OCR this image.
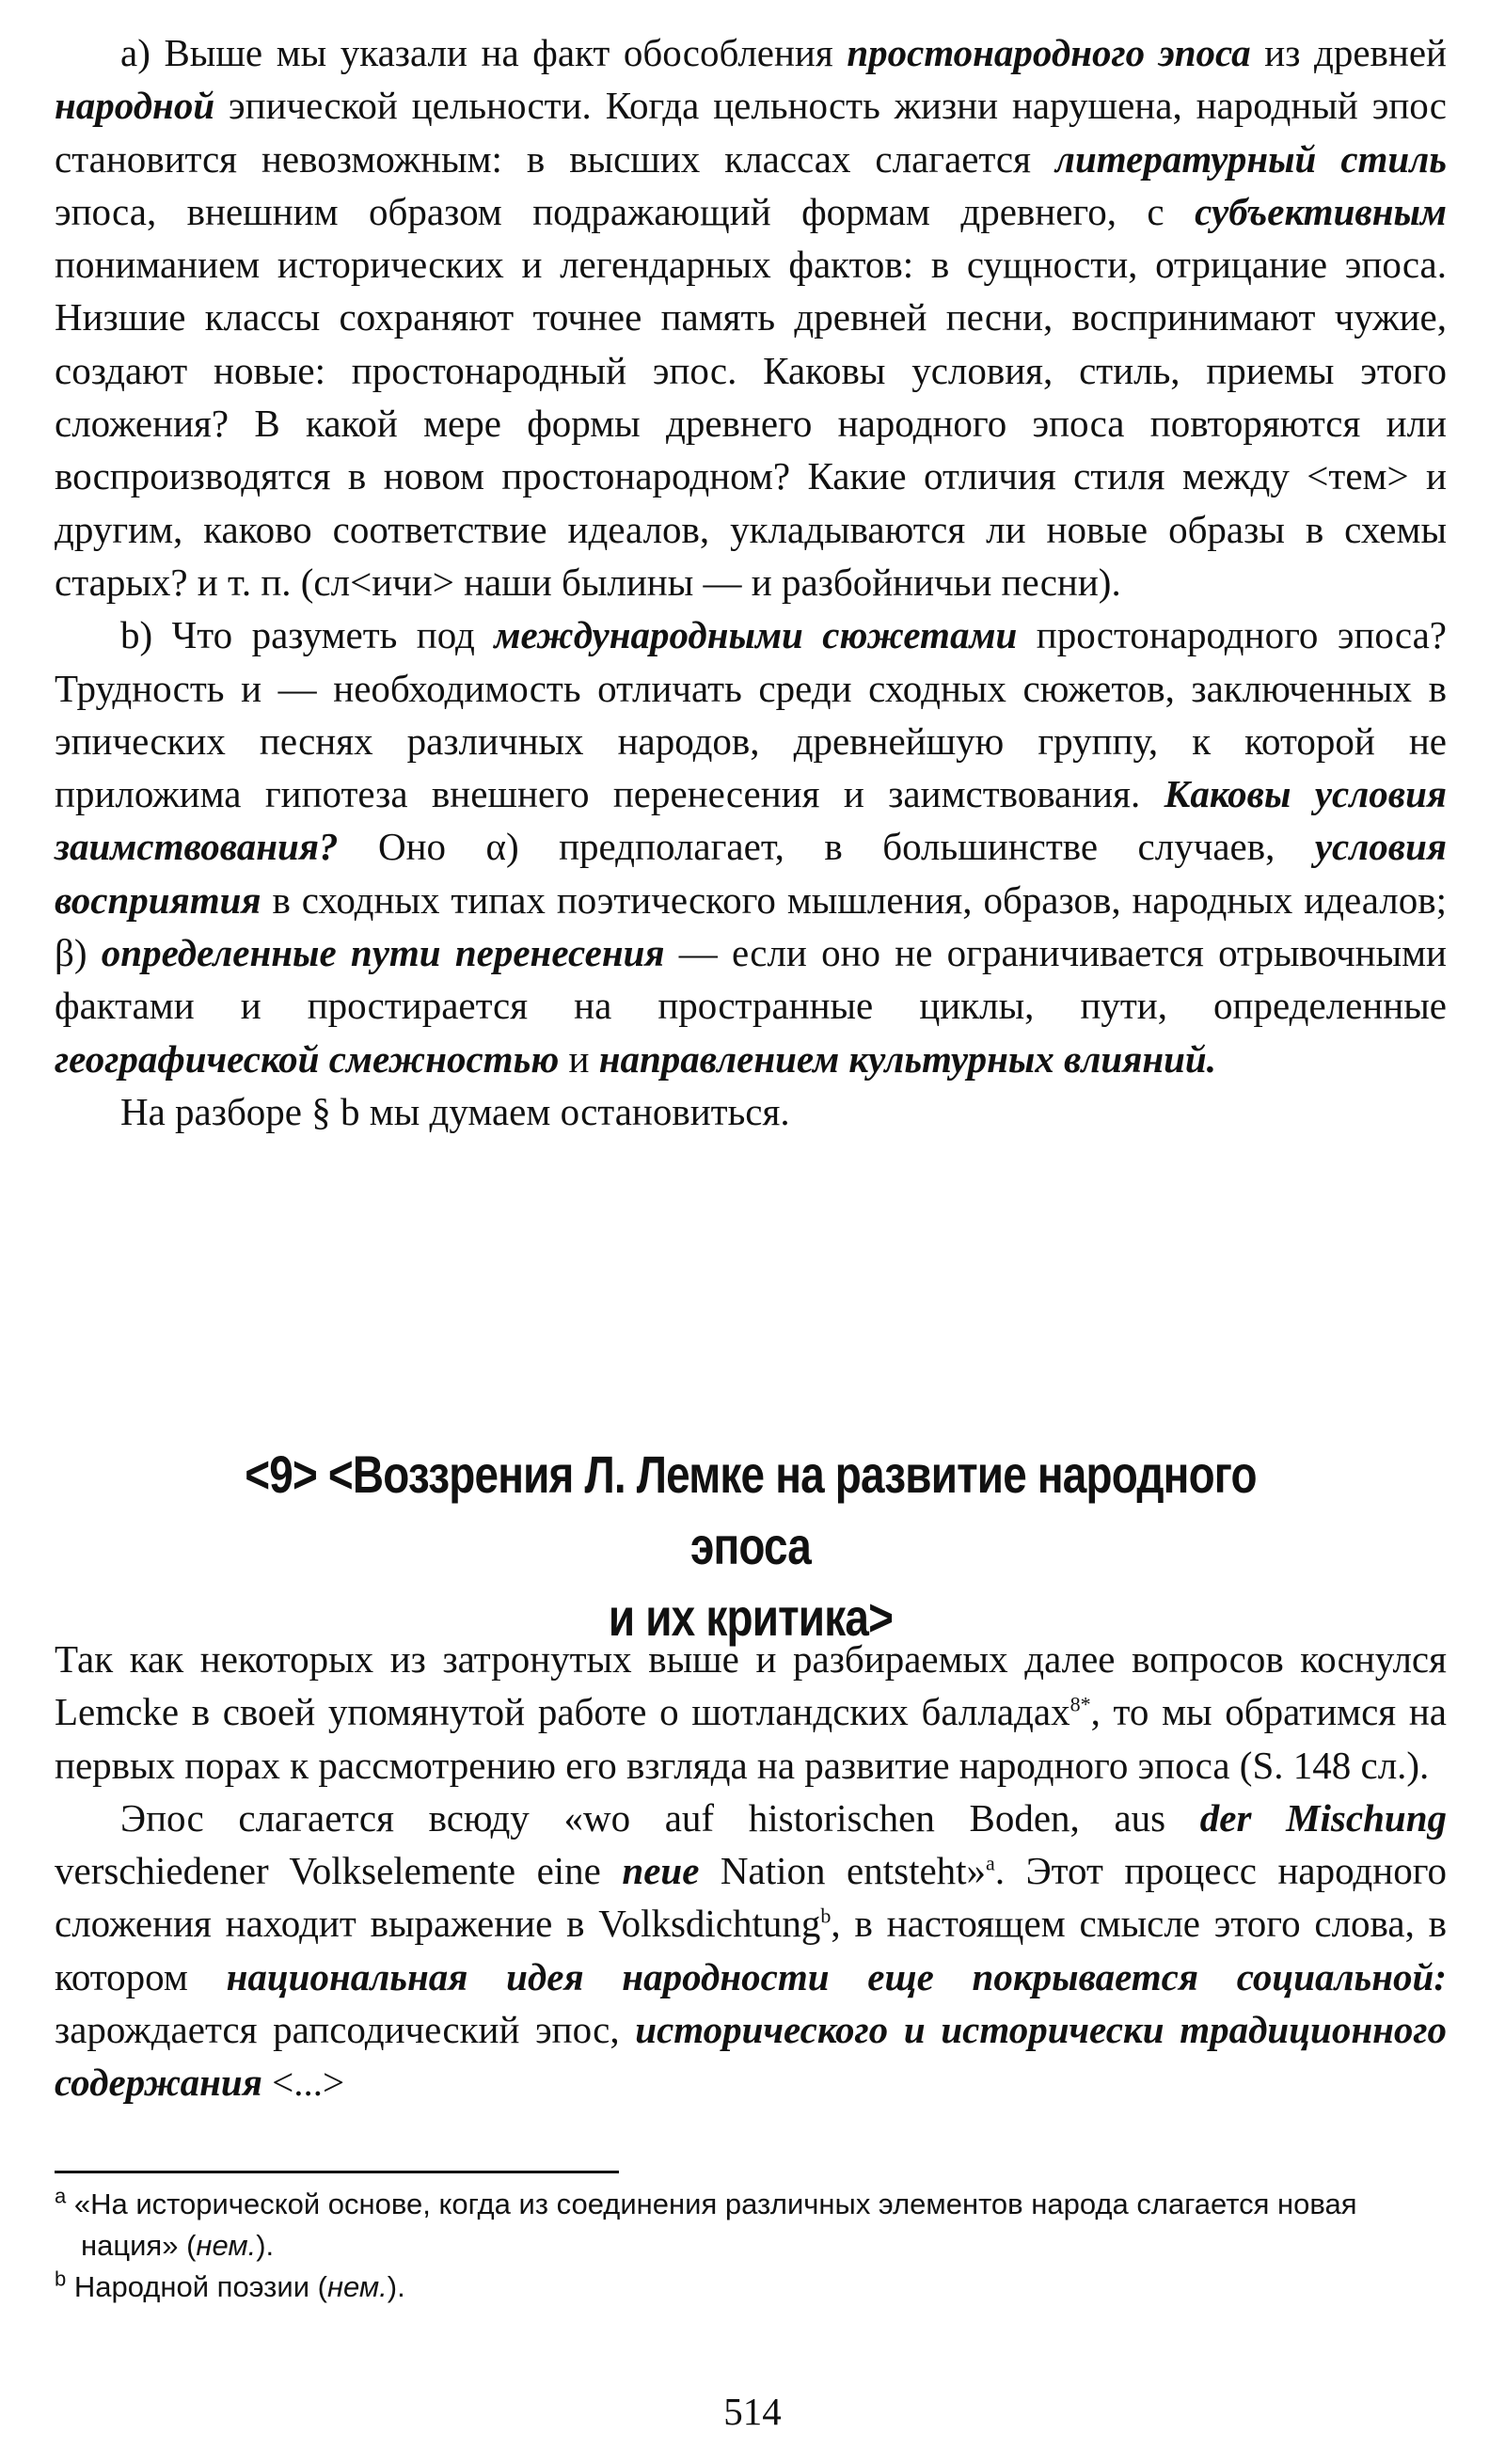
a) Выше мы указали на факт обособления простонародного эпоса из древней народной эпической цельности. Когда цельность жизни нарушена, народный эпос становится невозможным: в высших классах слагается литературный стиль эпоса, внешним образом подражающий формам древнего, с субъективным пониманием исторических и легендарных фактов: в сущности, отрицание эпоса. Низшие классы сохраняют точнее память древней песни, воспринимают чужие, создают новые: простонародный эпос. Каковы условия, стиль, приемы этого сложения? В какой мере формы древнего народного эпоса повторяются или воспроизводятся в новом простонародном? Какие отличия стиля между <тем> и другим, каково соответствие идеалов, укладываются ли новые образы в схемы старых? и т. п. (сл<ичи> наши былины — и разбойничьи песни).

b) Что разуметь под международными сюжетами простонародного эпоса? Трудность и — необходимость отличать среди сходных сюжетов, заключенных в эпических песнях различных народов, древнейшую группу, к которой не приложима гипотеза внешнего перенесения и заимствования. Каковы условия заимствования? Оно α) предполагает, в большинстве случаев, условия восприятия в сходных типах поэтического мышления, образов, народных идеалов; β) определенные пути перенесения — если оно не ограничивается отрывочными фактами и простирается на пространные циклы, пути, определенные географической смежностью и направлением культурных влияний.

На разборе § b мы думаем остановиться.

<9> <Воззрения Л. Лемке на развитие народного эпоса
и их критика>

Так как некоторых из затронутых выше и разбираемых далее вопросов коснулся Lemcke в своей упомянутой работе о шотландских балладах$^{8*}$, то мы обратимся на первых порах к рассмотрению его взгляда на развитие народного эпоса (S. 148 сл.).

Эпос слагается всюду «wo auf historischen Boden, aus der Mischung verschiedener Volkselemente eine neue Nation entsteht»$^a$. Этот процесс народного сложения находит выражение в Volksdichtung$^b$, в настоящем смысле этого слова, в котором национальная идея народности еще покрывается социальной: зарождается рапсодический эпос, исторического и исторически традиционного содержания <...>

$^a$ «На исторической основе, когда из соединения различных элементов народа слагается новая нация» (нем.).

$^b$ Народной поэзии (нем.).

514
